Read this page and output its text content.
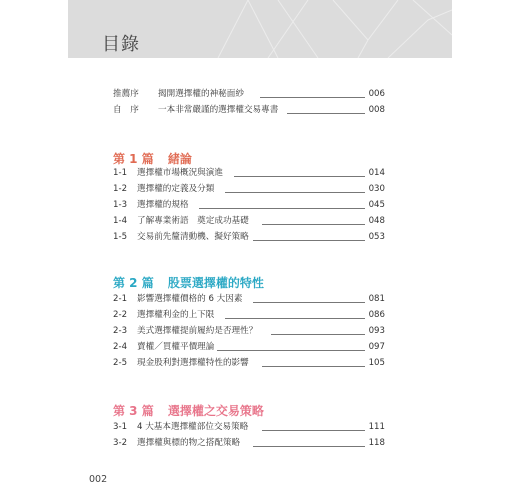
目錄
推薦序 揭開選擇權的神秘面紗	006
自　序 一本非常嚴謹的選擇權交易專書	008
第 1 篇 緒論
1-1 選擇權市場概況與演進	014
1-2 選擇權的定義及分類	030
1-3 選擇權的規格	045
1-4 了解專業術語　奠定成功基礎	048
1-5 交易前先釐清動機、擬好策略	053
第 2 篇 股票選擇權的特性
2-1 影響選擇權價格的 6 大因素	081
2-2 選擇權利金的上下限	086
2-3 美式選擇權提前履約是否理性？	093
2-4 賣權／買權平價理論	097
2-5 現金股利對選擇權特性的影響	105
第 3 篇 選擇權之交易策略
3-1 4 大基本選擇權部位交易策略	111
3-2 選擇權與標的物之搭配策略	118
002
